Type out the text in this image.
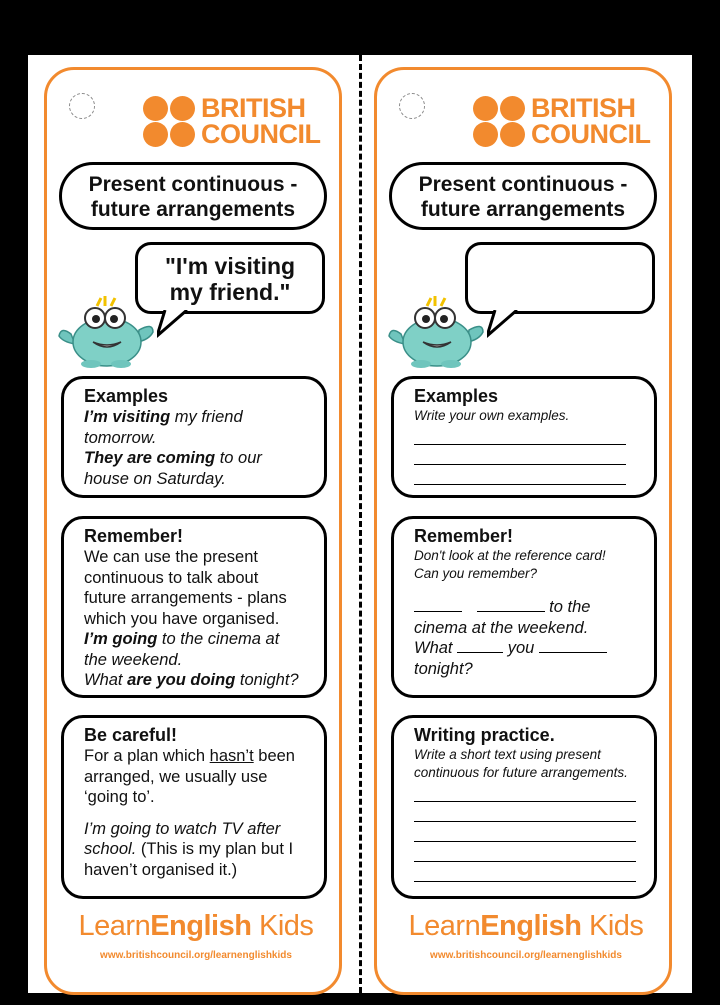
BRITISH
COUNCIL
Present continuous -
future arrangements
"I'm visiting
my friend."
Examples

I’m visiting my friend

tomorrow.

They are coming to our

house on Saturday.

Remember!

We can use the present

continuous to talk about

future arrangements - plans

which you have organised.

I’m going to the cinema at

the weekend.

What are you doing tonight?

Be careful!

For a plan which hasn’t been

arranged, we usually use

‘going to’.

I’m going to watch TV after

school. (This is my plan but I

haven’t organised it.)

LearnEnglish Kids
www.britishcouncil.org/learnenglishkids
BRITISH
COUNCIL
Present continuous -
future arrangements
Examples

Write your own examples.

Remember!

Don't look at the reference card!

Can you remember?

to the

cinema at the weekend.

What	you

tonight?

Writing practice.

Write a short text using present

continuous for future arrangements.

LearnEnglish Kids
www.britishcouncil.org/learnenglishkids
